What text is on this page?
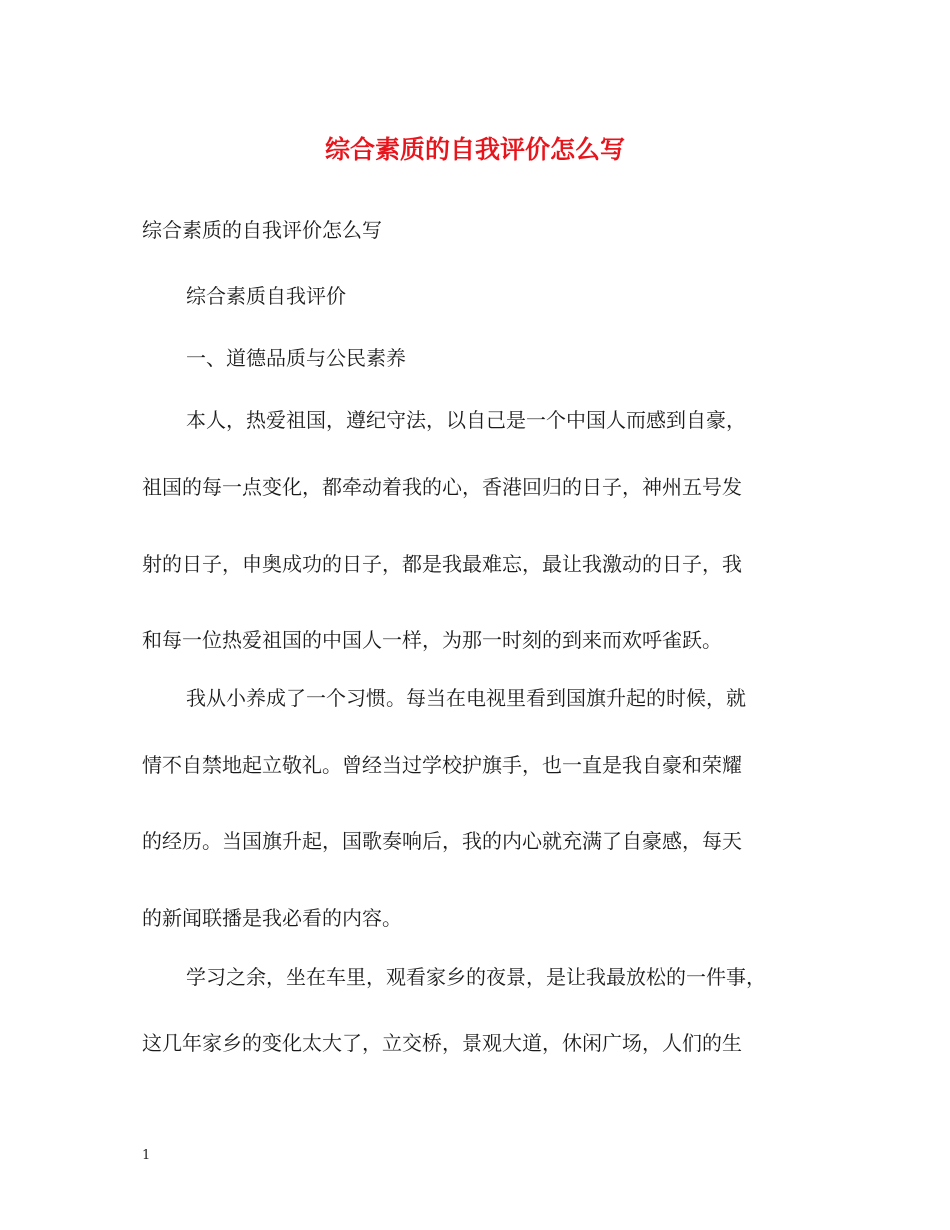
综合素质的自我评价怎么写

综合素质的自我评价怎么写

综合素质自我评价

一、道德品质与公民素养

本人，热爱祖国，遵纪守法，以自己是一个中国人而感到自豪，

祖国的每一点变化，都牵动着我的心，香港回归的日子，神州五号发

射的日子，申奥成功的日子，都是我最难忘，最让我激动的日子，我

和每一位热爱祖国的中国人一样，为那一时刻的到来而欢呼雀跃。

我从小养成了一个习惯。每当在电视里看到国旗升起的时候，就

情不自禁地起立敬礼。曾经当过学校护旗手，也一直是我自豪和荣耀

的经历。当国旗升起，国歌奏响后，我的内心就充满了自豪感，每天

的新闻联播是我必看的内容。

学习之余，坐在车里，观看家乡的夜景，是让我最放松的一件事，

这几年家乡的变化太大了，立交桥，景观大道，休闲广场，人们的生

1
